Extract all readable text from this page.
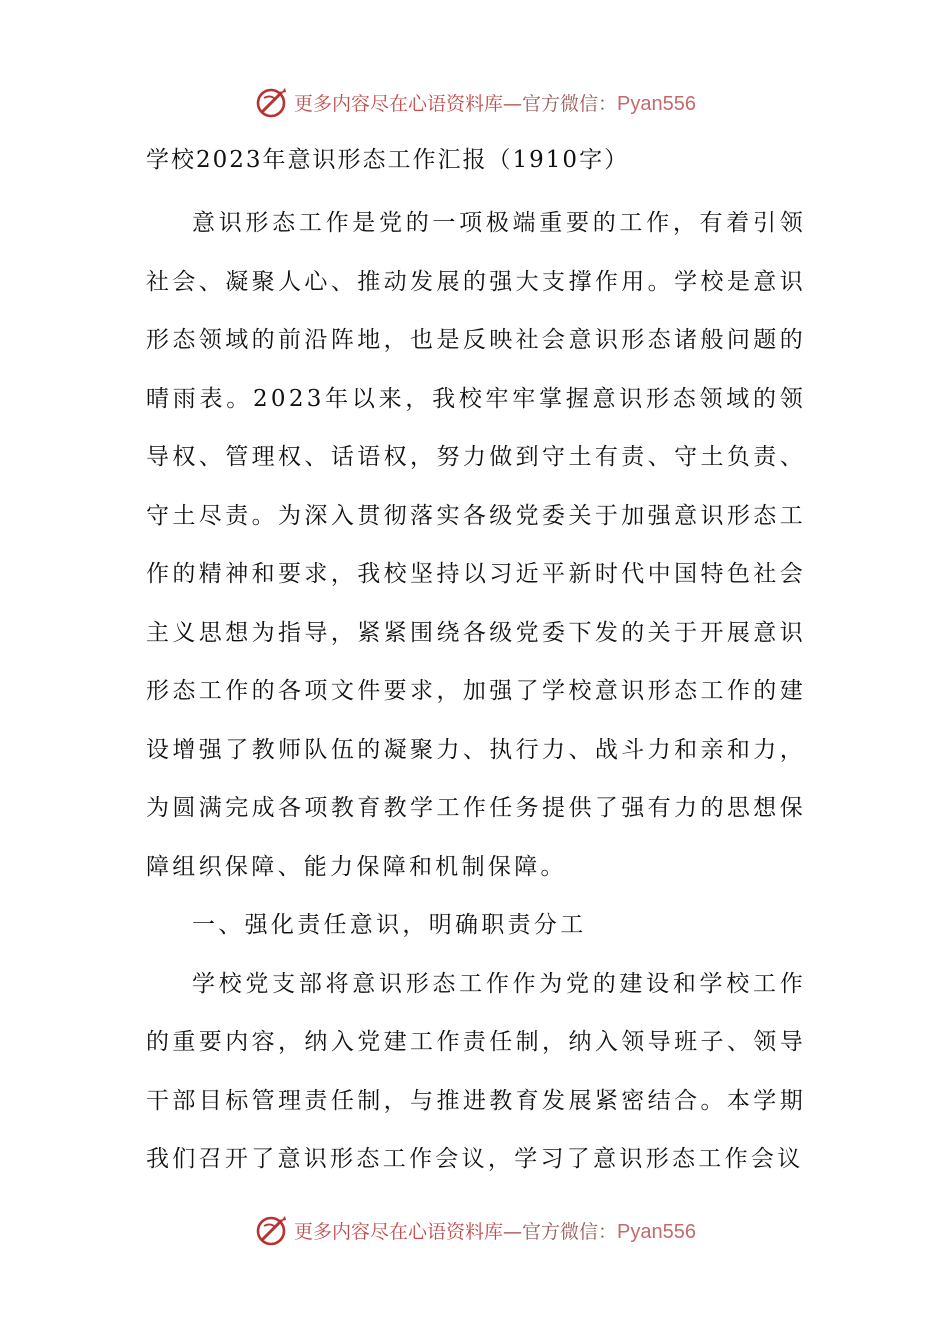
更多内容尽在心语资料库—官方微信：Pyan556
学校2023年意识形态工作汇报（1910字）

意识形态工作是党的一项极端重要的工作，有着引领社会、凝聚人心、推动发展的强大支撑作用。学校是意识形态领域的前沿阵地，也是反映社会意识形态诸般问题的晴雨表。2023年以来，我校牢牢掌握意识形态领域的领导权、管理权、话语权，努力做到守土有责、守土负责、守土尽责。为深入贯彻落实各级党委关于加强意识形态工作的精神和要求，我校坚持以习近平新时代中国特色社会主义思想为指导，紧紧围绕各级党委下发的关于开展意识形态工作的各项文件要求，加强了学校意识形态工作的建设增强了教师队伍的凝聚力、执行力、战斗力和亲和力，为圆满完成各项教育教学工作任务提供了强有力的思想保障组织保障、能力保障和机制保障。

一、强化责任意识，明确职责分工

学校党支部将意识形态工作作为党的建设和学校工作的重要内容，纳入党建工作责任制，纳入领导班子、领导干部目标管理责任制，与推进教育发展紧密结合。本学期我们召开了意识形态工作会议，学习了意识形态工作会议

更多内容尽在心语资料库—官方微信：Pyan556
